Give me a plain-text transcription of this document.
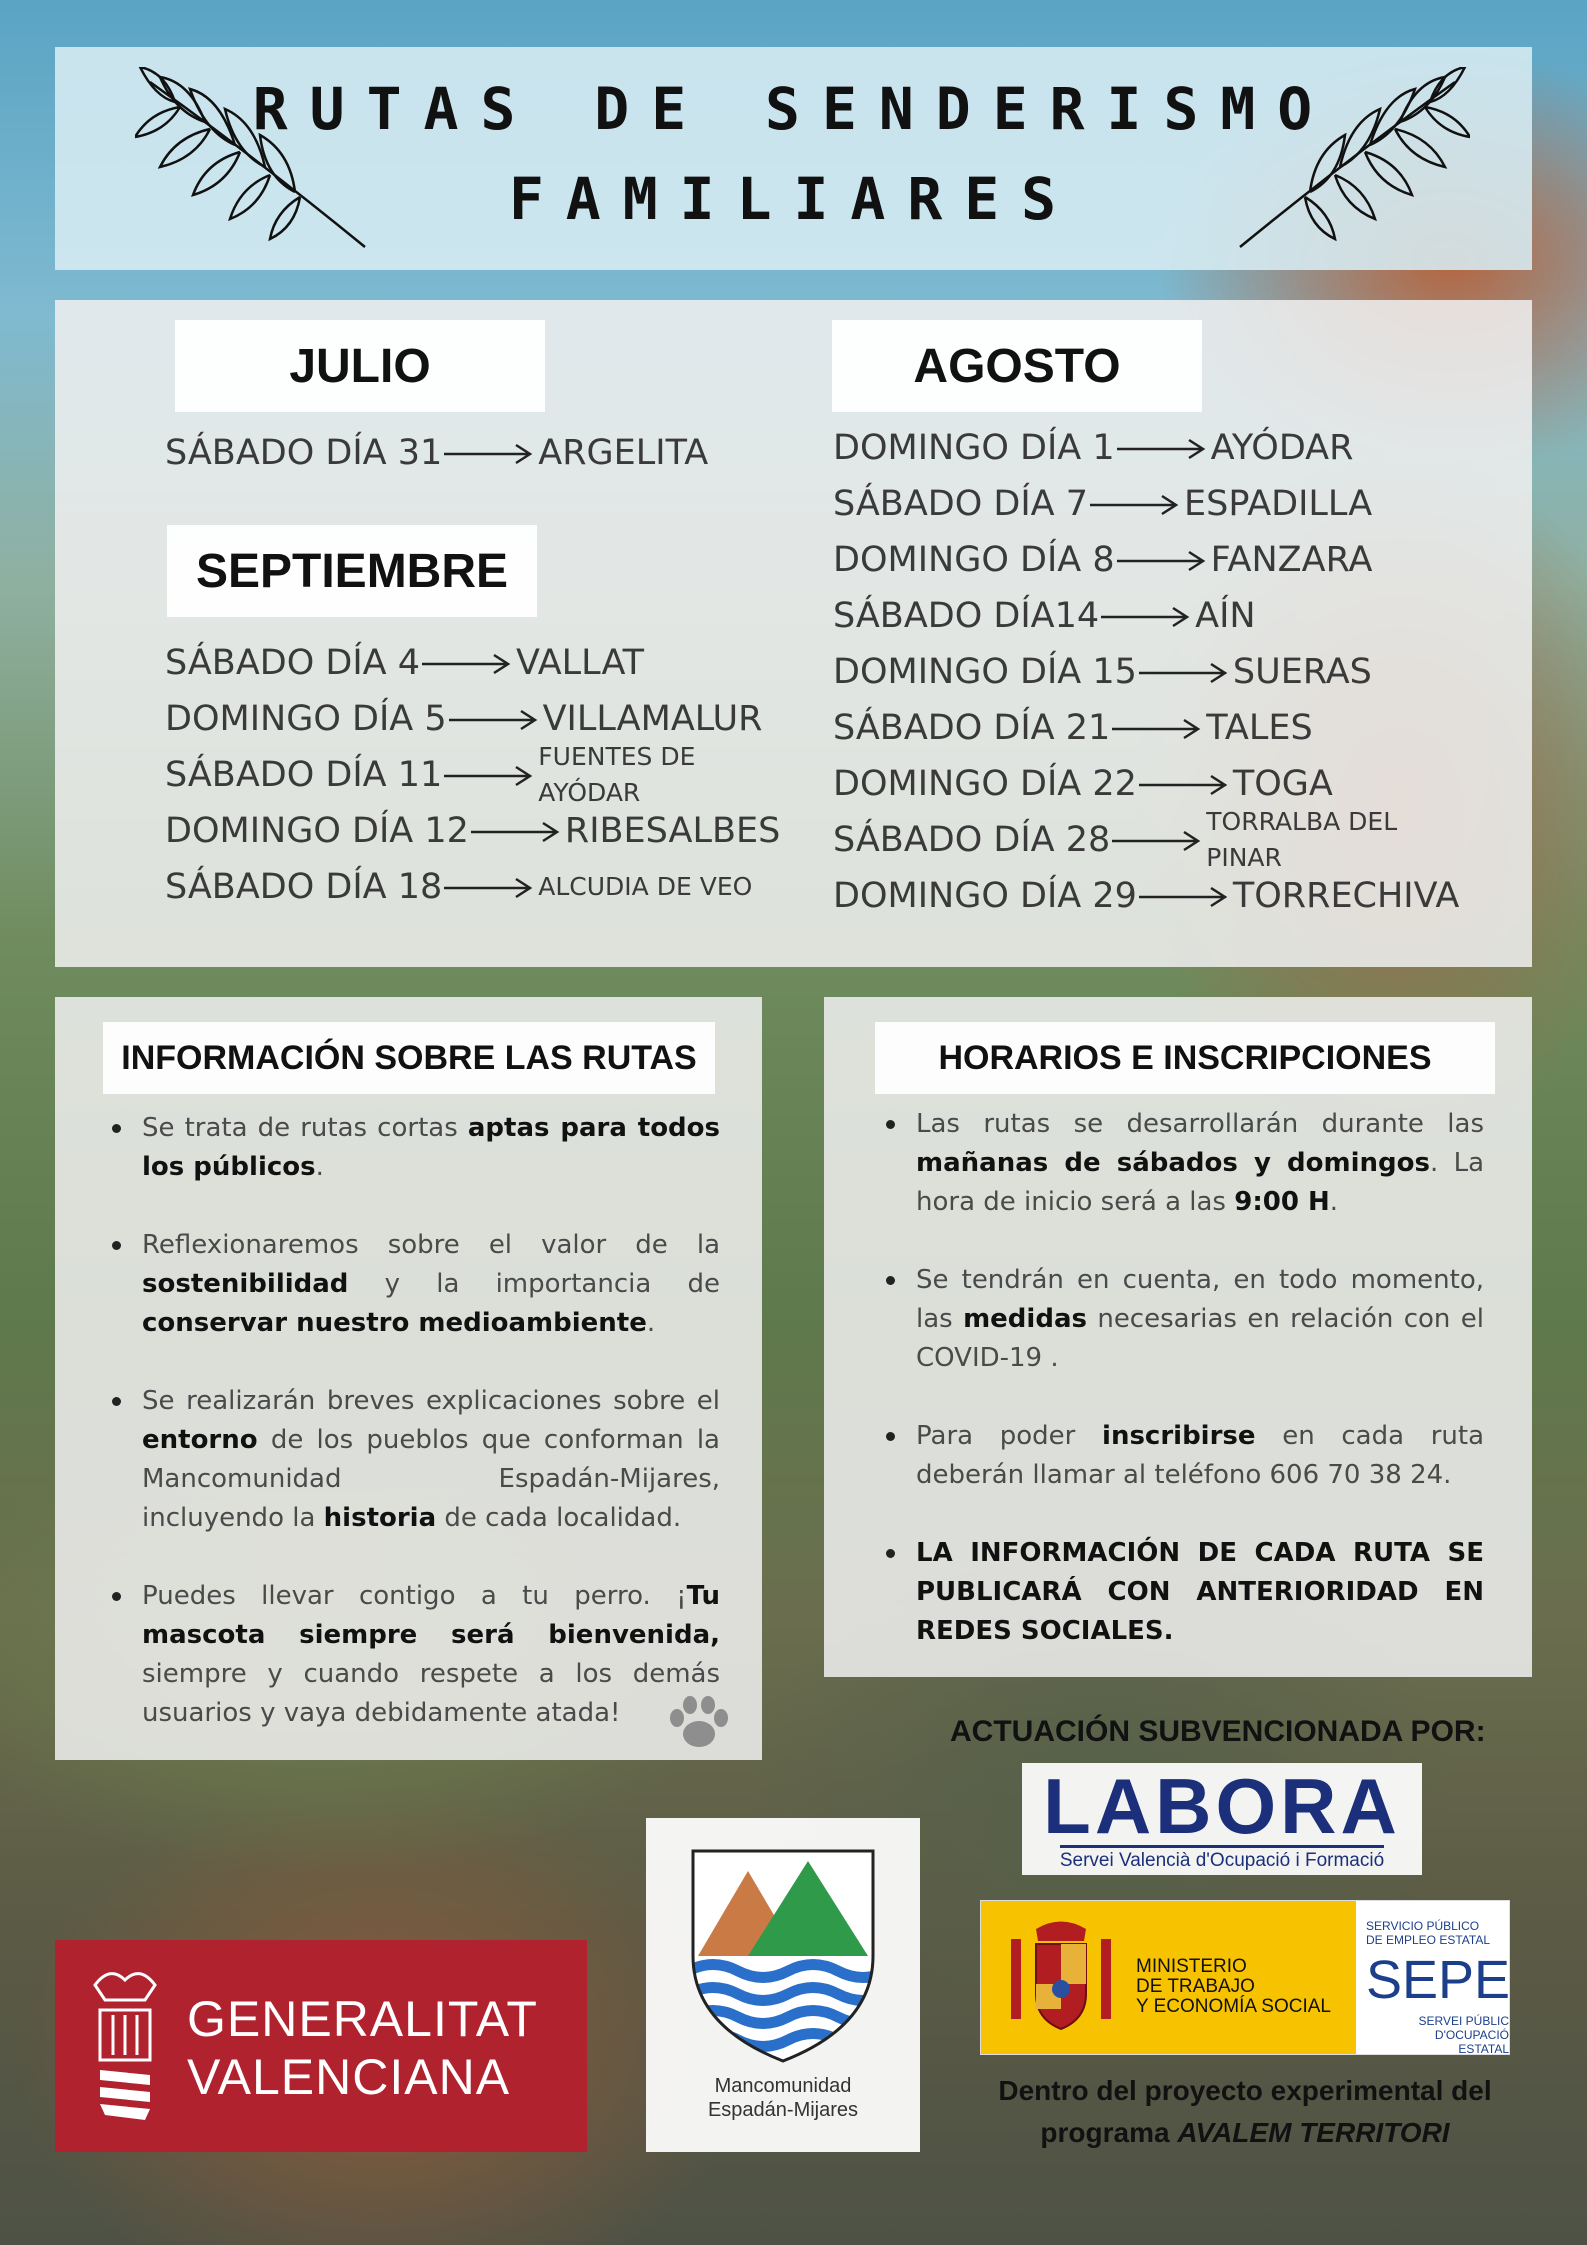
RUTAS DE SENDERISMO
FAMILIARES
JULIO
SÁBADO DÍA 31	ARGELITA
SEPTIEMBRE
SÁBADO DÍA 4	VALLAT
DOMINGO DÍA 5	VILLAMALUR
SÁBADO DÍA 11	FUENTES DE AYÓDAR
DOMINGO DÍA 12	RIBESALBES
SÁBADO DÍA 18	ALCUDIA DE VEO
AGOSTO
DOMINGO DÍA 1	AYÓDAR
SÁBADO DÍA 7	ESPADILLA
DOMINGO DÍA 8	FANZARA
SÁBADO DÍA14	AÍN
DOMINGO DÍA 15	SUERAS
SÁBADO DÍA 21	TALES
DOMINGO DÍA 22	TOGA
SÁBADO DÍA 28	TORRALBA DEL PINAR
DOMINGO DÍA 29	TORRECHIVA
INFORMACIÓN SOBRE LAS RUTAS
Se trata de rutas cortas aptas para todos los públicos.
Reflexionaremos sobre el valor de la sostenibilidad y la importancia de conservar nuestro medioambiente.
Se realizarán breves explicaciones sobre el entorno de los pueblos que conforman la Mancomunidad Espadán-Mijares, incluyendo la historia de cada localidad.
Puedes llevar contigo a tu perro. ¡Tu mascota siempre será bienvenida, siempre y cuando respete a los demás usuarios y vaya debidamente atada!
HORARIOS E INSCRIPCIONES
Las rutas se desarrollarán durante las mañanas de sábados y domingos. La hora de inicio será a las 9:00 H.
Se tendrán en cuenta, en todo momento, las medidas necesarias en relación con el COVID-19 .
Para poder inscribirse en cada ruta deberán llamar al teléfono 606 70 38 24.
LA INFORMACIÓN DE CADA RUTA SE PUBLICARÁ CON ANTERIORIDAD EN REDES SOCIALES.
ACTUACIÓN SUBVENCIONADA POR:
LABORA
Servei Valencià d'Ocupació i Formació
GENERALITAT
VALENCIANA	Mancomunidad
Espadán-Mijares
MINISTERIO
DE TRABAJO
Y ECONOMÍA SOCIAL
SERVICIO PÚBLICO
DE EMPLEO ESTATAL
SEPE
SERVEI PÚBLIC
D'OCUPACIÓ ESTATAL
Dentro del proyecto experimental del
programa AVALEM TERRITORI
